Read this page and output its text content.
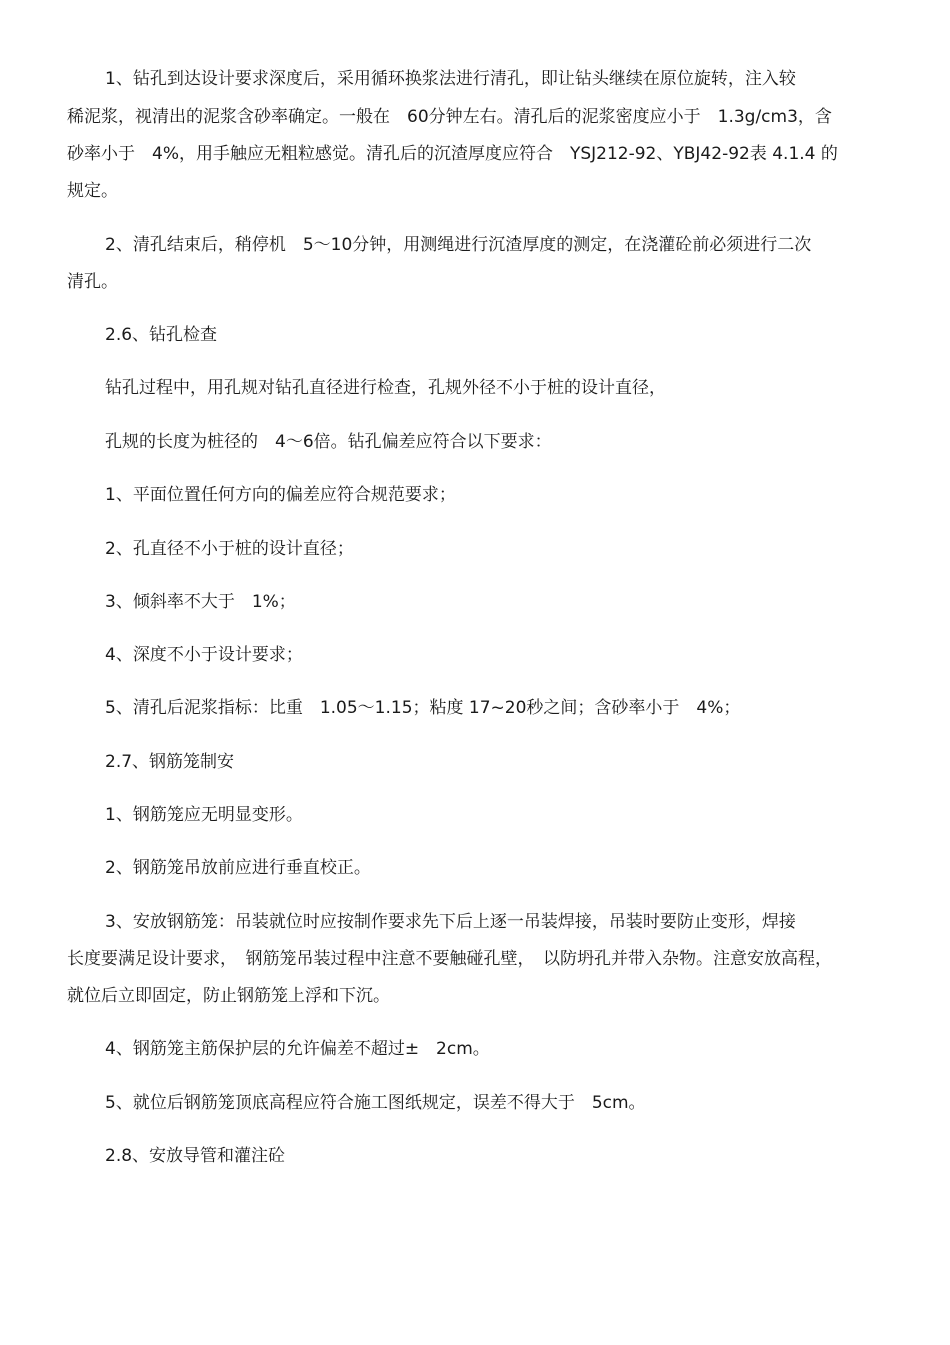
1、钻孔到达设计要求深度后，采用循环换浆法进行清孔，即让钻头继续在原位旋转，注入较
稀泥浆，视清出的泥浆含砂率确定。一般在　60分钟左右。清孔后的泥浆密度应小于　1.3g/cm3，含
砂率小于　4%，用手触应无粗粒感觉。清孔后的沉渣厚度应符合　YSJ212-92、YBJ42-92表 4.1.4 的
规定。
2、清孔结束后，稍停机　5～10分钟，用测绳进行沉渣厚度的测定，在浇灌砼前必须进行二次
清孔。
2.6、钻孔检查
钻孔过程中，用孔规对钻孔直径进行检查，孔规外径不小于桩的设计直径，
孔规的长度为桩径的　4～6倍。钻孔偏差应符合以下要求：
1、平面位置任何方向的偏差应符合规范要求；
2、孔直径不小于桩的设计直径；
3、倾斜率不大于　1%；
4、深度不小于设计要求；
5、清孔后泥浆指标：比重　1.05～1.15；粘度 17~20秒之间；含砂率小于　4%；
2.7、钢筋笼制安
1、钢筋笼应无明显变形。
2、钢筋笼吊放前应进行垂直校正。
3、安放钢筋笼：吊装就位时应按制作要求先下后上逐一吊装焊接，吊装时要防止变形，焊接
长度要满足设计要求，　钢筋笼吊装过程中注意不要触碰孔壁，　以防坍孔并带入杂物。注意安放高程，
就位后立即固定，防止钢筋笼上浮和下沉。
4、钢筋笼主筋保护层的允许偏差不超过±　2cm。
5、就位后钢筋笼顶底高程应符合施工图纸规定，误差不得大于　5cm。
2.8、安放导管和灌注砼
